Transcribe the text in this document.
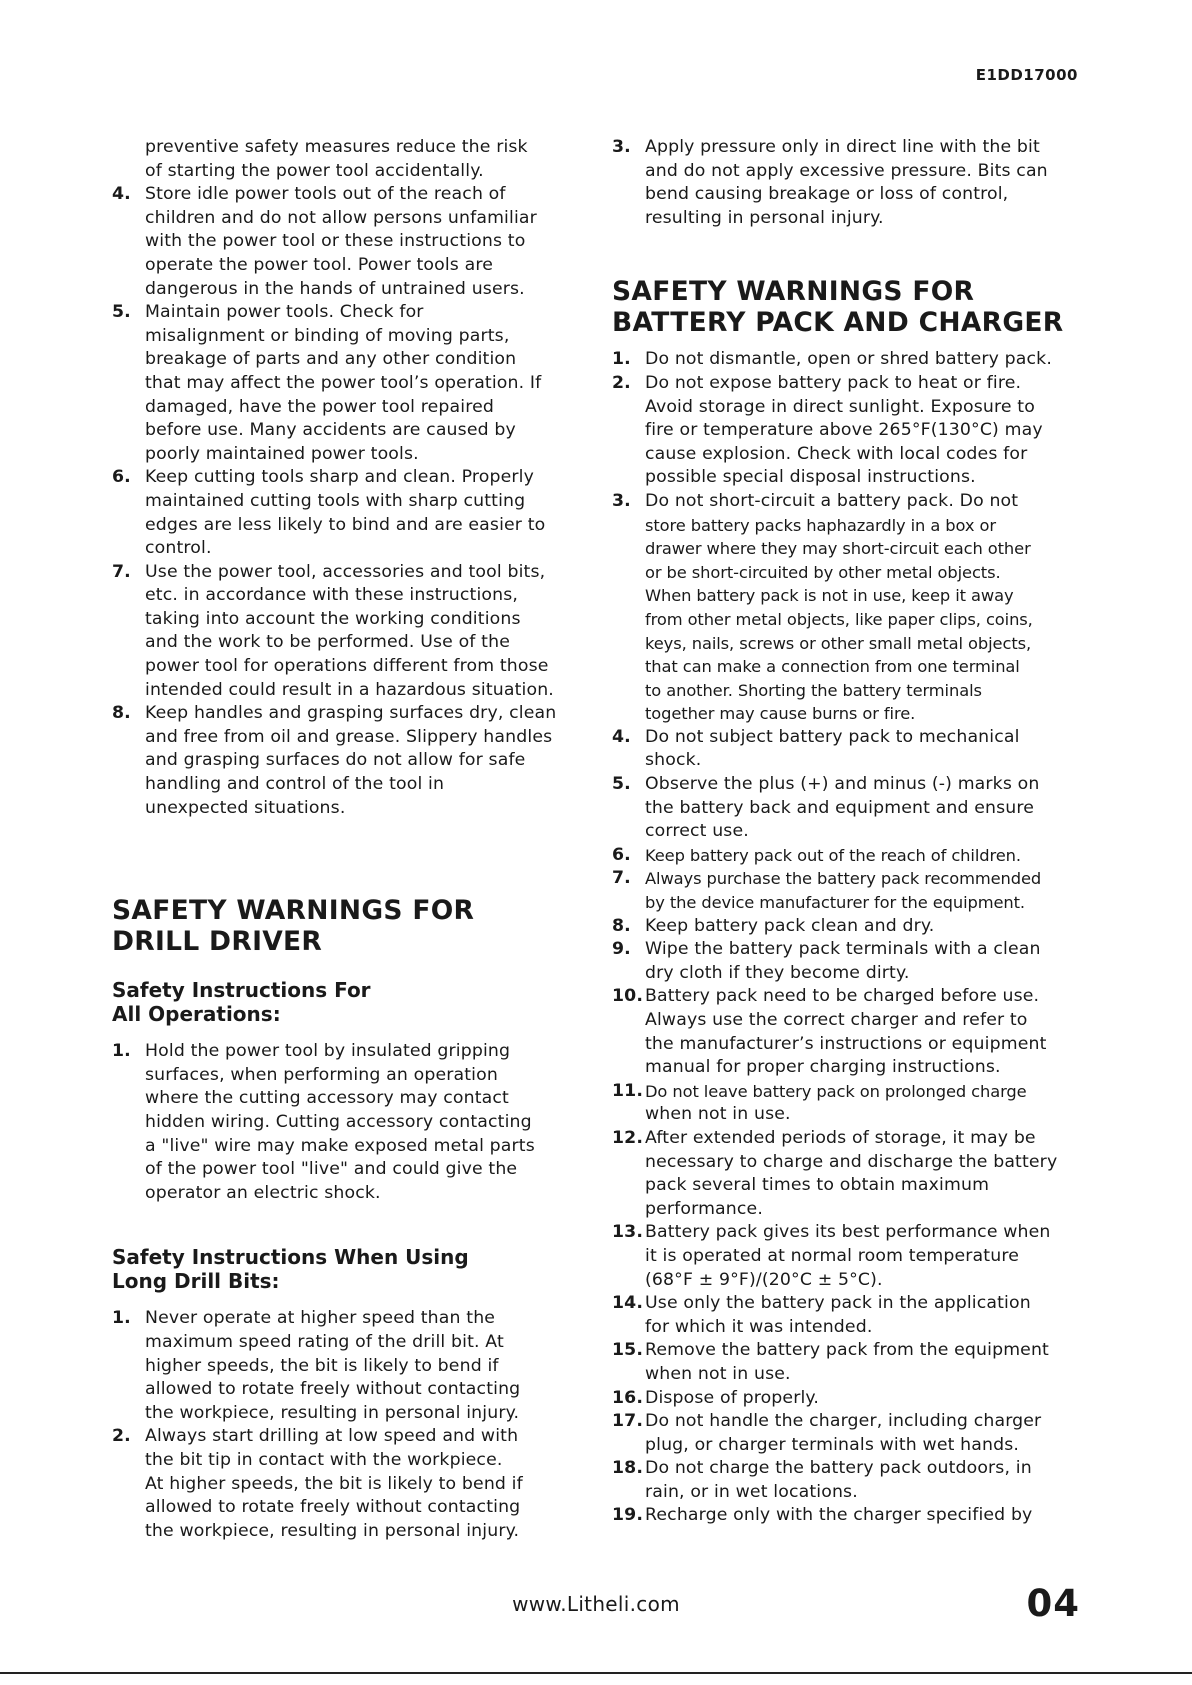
E1DD17000
preventive safety measures reduce the risk
of starting the power tool accidentally.
4. Store idle power tools out of the reach of
children and do not allow persons unfamiliar
with the power tool or these instructions to
operate the power tool. Power tools are
dangerous in the hands of untrained users.
5. Maintain power tools. Check for
misalignment or binding of moving parts,
breakage of parts and any other condition
that may affect the power tool’s operation. If
damaged, have the power tool repaired
before use. Many accidents are caused by
poorly maintained power tools.
6. Keep cutting tools sharp and clean. Properly
maintained cutting tools with sharp cutting
edges are less likely to bind and are easier to
control.
7. Use the power tool, accessories and tool bits,
etc. in accordance with these instructions,
taking into account the working conditions
and the work to be performed. Use of the
power tool for operations different from those
intended could result in a hazardous situation.
8. Keep handles and grasping surfaces dry, clean
and free from oil and grease. Slippery handles
and grasping surfaces do not allow for safe
handling and control of the tool in
unexpected situations.
SAFETY WARNINGS FOR
DRILL DRIVER
Safety Instructions For
All Operations:
1. Hold the power tool by insulated gripping
surfaces, when performing an operation
where the cutting accessory may contact
hidden wiring. Cutting accessory contacting
a "live" wire may make exposed metal parts
of the power tool "live" and could give the
operator an electric shock.
Safety Instructions When Using
Long Drill Bits:
1. Never operate at higher speed than the
maximum speed rating of the drill bit. At
higher speeds, the bit is likely to bend if
allowed to rotate freely without contacting
the workpiece, resulting in personal injury.
2. Always start drilling at low speed and with
the bit tip in contact with the workpiece.
At higher speeds, the bit is likely to bend if
allowed to rotate freely without contacting
the workpiece, resulting in personal injury.
3. Apply pressure only in direct line with the bit
and do not apply excessive pressure. Bits can
bend causing breakage or loss of control,
resulting in personal injury.
SAFETY WARNINGS FOR
BATTERY PACK AND CHARGER
1. Do not dismantle, open or shred battery pack.
2. Do not expose battery pack to heat or fire.
Avoid storage in direct sunlight. Exposure to
fire or temperature above 265°F(130°C) may
cause explosion. Check with local codes for
possible special disposal instructions.
3. Do not short-circuit a battery pack. Do not
store battery packs haphazardly in a box or
drawer where they may short-circuit each other
or be short-circuited by other metal objects.
When battery pack is not in use, keep it away
from other metal objects, like paper clips, coins,
keys, nails, screws or other small metal objects,
that can make a connection from one terminal
to another. Shorting the battery terminals
together may cause burns or fire.
4. Do not subject battery pack to mechanical
shock.
5. Observe the plus (+) and minus (-) marks on
the battery back and equipment and ensure
correct use.
6. Keep battery pack out of the reach of children.
7. Always purchase the battery pack recommended
by the device manufacturer for the equipment.
8. Keep battery pack clean and dry.
9. Wipe the battery pack terminals with a clean
dry cloth if they become dirty.
10. Battery pack need to be charged before use.
Always use the correct charger and refer to
the manufacturer’s instructions or equipment
manual for proper charging instructions.
11. Do not leave battery pack on prolonged charge
when not in use.
12. After extended periods of storage, it may be
necessary to charge and discharge the battery
pack several times to obtain maximum
performance.
13. Battery pack gives its best performance when
it is operated at normal room temperature
(68°F ± 9°F)/(20°C ± 5°C).
14. Use only the battery pack in the application
for which it was intended.
15. Remove the battery pack from the equipment
when not in use.
16. Dispose of properly.
17. Do not handle the charger, including charger
plug, or charger terminals with wet hands.
18. Do not charge the battery pack outdoors, in
rain, or in wet locations.
19. Recharge only with the charger specified by
www.Litheli.com	04
